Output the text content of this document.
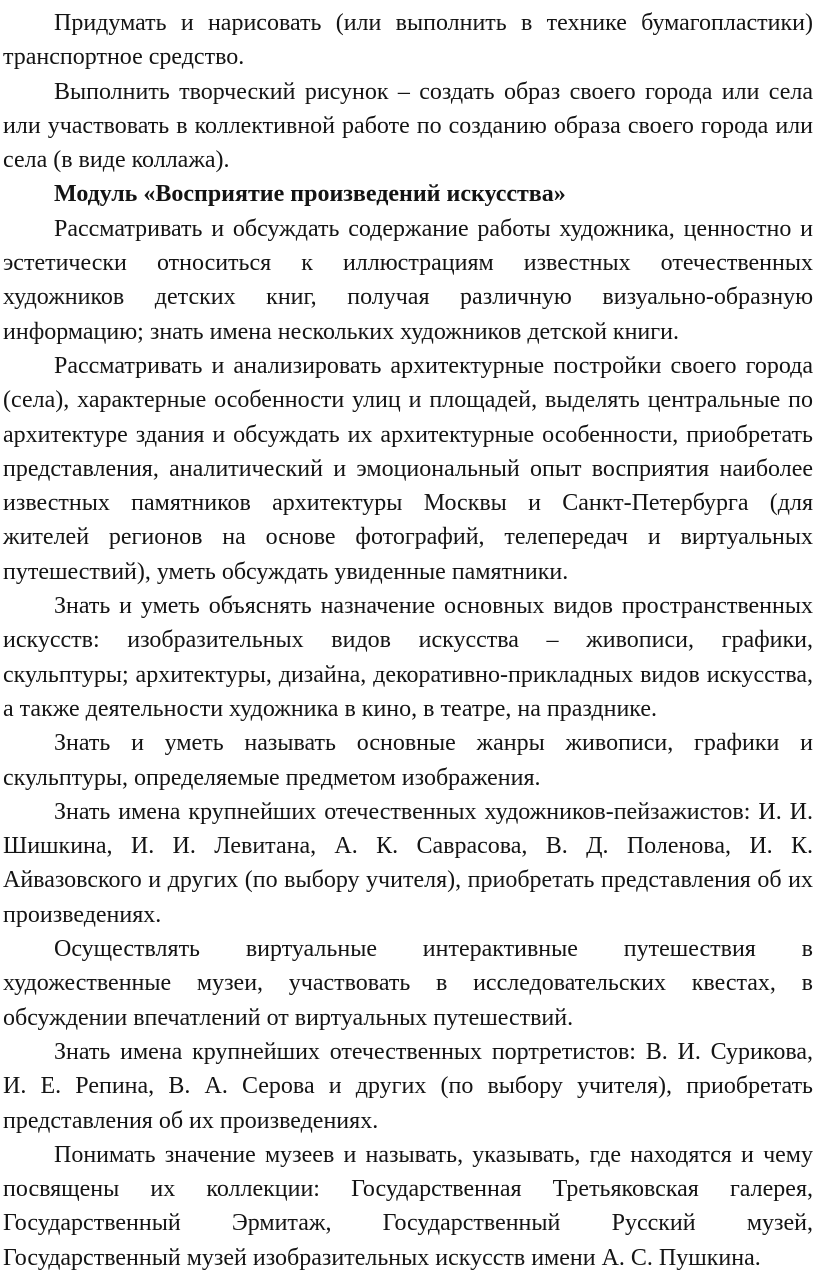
Придумать и нарисовать (или выполнить в технике бумагопластики) транспортное средство.

Выполнить творческий рисунок – создать образ своего города или села или участвовать в коллективной работе по созданию образа своего города или села (в виде коллажа).

Модуль «Восприятие произведений искусства»

Рассматривать и обсуждать содержание работы художника, ценностно и эстетически относиться к иллюстрациям известных отечественных художников детских книг, получая различную визуально-образную информацию; знать имена нескольких художников детской книги.

Рассматривать и анализировать архитектурные постройки своего города (села), характерные особенности улиц и площадей, выделять центральные по архитектуре здания и обсуждать их архитектурные особенности, приобретать представления, аналитический и эмоциональный опыт восприятия наиболее известных памятников архитектуры Москвы и Санкт-Петербурга (для жителей регионов на основе фотографий, телепередач и виртуальных путешествий), уметь обсуждать увиденные памятники.

Знать и уметь объяснять назначение основных видов пространственных искусств: изобразительных видов искусства – живописи, графики, скульптуры; архитектуры, дизайна, декоративно-прикладных видов искусства, а также деятельности художника в кино, в театре, на празднике.

Знать и уметь называть основные жанры живописи, графики и скульптуры, определяемые предметом изображения.

Знать имена крупнейших отечественных художников-пейзажистов: И. И. Шишкина, И. И. Левитана, А. К. Саврасова, В. Д. Поленова, И. К. Айвазовского и других (по выбору учителя), приобретать представления об их произведениях.

Осуществлять виртуальные интерактивные путешествия в художественные музеи, участвовать в исследовательских квестах, в обсуждении впечатлений от виртуальных путешествий.

Знать имена крупнейших отечественных портретистов: В. И. Сурикова, И. Е. Репина, В. А. Серова и других (по выбору учителя), приобретать представления об их произведениях.

Понимать значение музеев и называть, указывать, где находятся и чему посвящены их коллекции: Государственная Третьяковская галерея, Государственный Эрмитаж, Государственный Русский музей, Государственный музей изобразительных искусств имени А. С. Пушкина.
